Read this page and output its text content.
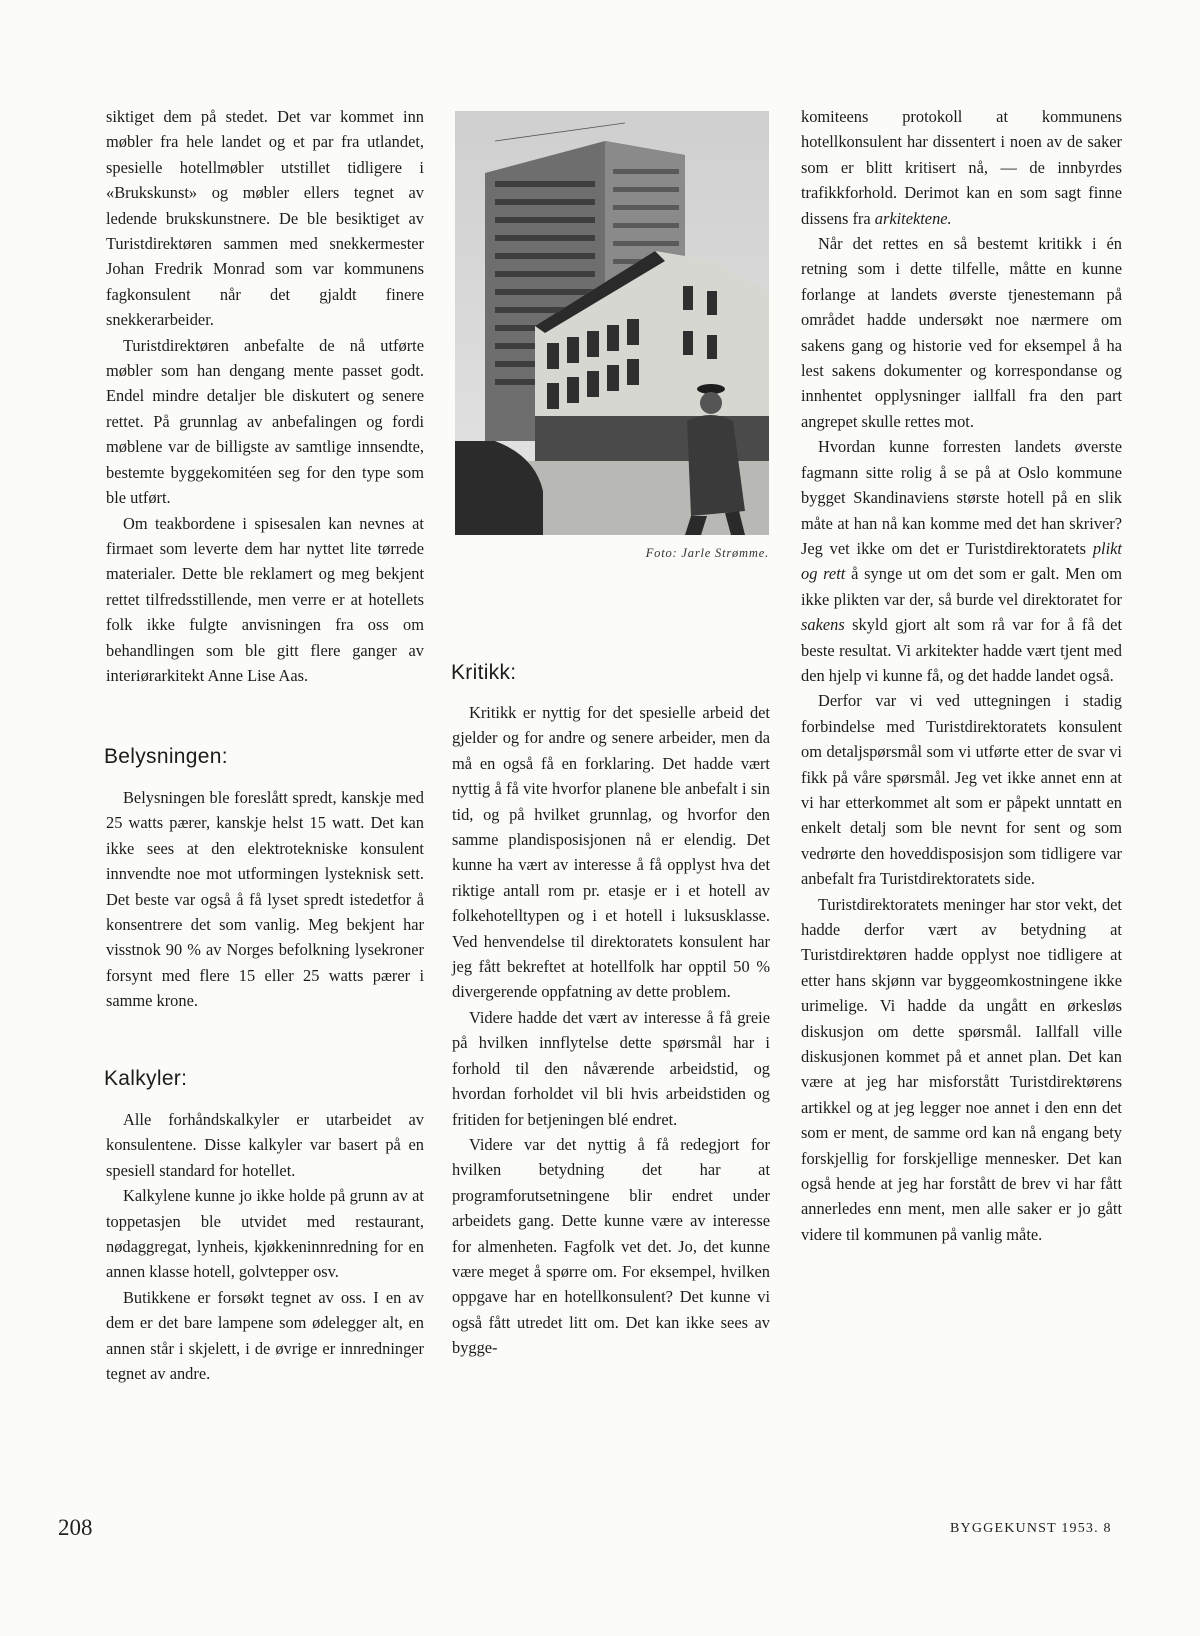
siktiget dem på stedet. Det var kommet inn møbler fra hele landet og et par fra utlandet, spesielle hotellmøbler utstillet tidligere i «Brukskunst» og møbler ellers tegnet av ledende brukskunstnere. De ble besiktiget av Turistdirektøren sammen med snekkermester Johan Fredrik Monrad som var kommunens fagkonsulent når det gjaldt finere snekkerarbeider.

Turistdirektøren anbefalte de nå utførte møbler som han dengang mente passet godt. Endel mindre detaljer ble diskutert og senere rettet. På grunnlag av anbefalingen og fordi møblene var de billigste av samtlige innsendte, bestemte byggekomitéen seg for den type som ble utført.

Om teakbordene i spisesalen kan nevnes at firmaet som leverte dem har nyttet lite tørrede materialer. Dette ble reklamert og meg bekjent rettet tilfredsstillende, men verre er at hotellets folk ikke fulgte anvisningen fra oss om behandlingen som ble gitt flere ganger av interiørarkitekt Anne Lise Aas.

Belysningen:

Belysningen ble foreslått spredt, kanskje med 25 watts pærer, kanskje helst 15 watt. Det kan ikke sees at den elektrotekniske konsulent innvendte noe mot utformingen lysteknisk sett. Det beste var også å få lyset spredt istedetfor å konsentrere det som vanlig. Meg bekjent har visstnok 90 % av Norges befolkning lysekroner forsynt med flere 15 eller 25 watts pærer i samme krone.

Kalkyler:

Alle forhåndskalkyler er utarbeidet av konsulentene. Disse kalkyler var basert på en spesiell standard for hotellet.

Kalkylene kunne jo ikke holde på grunn av at toppetasjen ble utvidet med restaurant, nødaggregat, lynheis, kjøkkeninnredning for en annen klasse hotell, golvtepper osv.

Butikkene er forsøkt tegnet av oss. I en av dem er det bare lampene som ødelegger alt, en annen står i skjelett, i de øvrige er innredninger tegnet av andre.

Foto: Jarle Strømme.
Kritikk:

Kritikk er nyttig for det spesielle arbeid det gjelder og for andre og senere arbeider, men da må en også få en forklaring. Det hadde vært nyttig å få vite hvorfor planene ble anbefalt i sin tid, og på hvilket grunnlag, og hvorfor den samme plandisposisjonen nå er elendig. Det kunne ha vært av interesse å få opplyst hva det riktige antall rom pr. etasje er i et hotell av folkehotelltypen og i et hotell i luksusklasse. Ved henvendelse til direktoratets konsulent har jeg fått bekreftet at hotellfolk har opptil 50 % divergerende oppfatning av dette problem.

Videre hadde det vært av interesse å få greie på hvilken innflytelse dette spørsmål har i forhold til den nåværende arbeidstid, og hvordan forholdet vil bli hvis arbeidstiden og fritiden for betjeningen blé endret.

Videre var det nyttig å få redegjort for hvilken betydning det har at programforutsetningene blir endret under arbeidets gang. Dette kunne være av interesse for almenheten. Fagfolk vet det. Jo, det kunne være meget å spørre om. For eksempel, hvilken oppgave har en hotellkonsulent? Det kunne vi også fått utredet litt om. Det kan ikke sees av bygge-

komiteens protokoll at kommunens hotellkonsulent har dissentert i noen av de saker som er blitt kritisert nå, — de innbyrdes trafikkforhold. Derimot kan en som sagt finne dissens fra arkitektene.

Når det rettes en så bestemt kritikk i én retning som i dette tilfelle, måtte en kunne forlange at landets øverste tjenestemann på området hadde undersøkt noe nærmere om sakens gang og historie ved for eksempel å ha lest sakens dokumenter og korrespondanse og innhentet opplysninger iallfall fra den part angrepet skulle rettes mot.

Hvordan kunne forresten landets øverste fagmann sitte rolig å se på at Oslo kommune bygget Skandinaviens største hotell på en slik måte at han nå kan komme med det han skriver? Jeg vet ikke om det er Turistdirektoratets plikt og rett å synge ut om det som er galt. Men om ikke plikten var der, så burde vel direktoratet for sakens skyld gjort alt som rå var for å få det beste resultat. Vi arkitekter hadde vært tjent med den hjelp vi kunne få, og det hadde landet også.

Derfor var vi ved uttegningen i stadig forbindelse med Turistdirektoratets konsulent om detaljspørsmål som vi utførte etter de svar vi fikk på våre spørsmål. Jeg vet ikke annet enn at vi har etterkommet alt som er påpekt unntatt en enkelt detalj som ble nevnt for sent og som vedrørte den hoveddisposisjon som tidligere var anbefalt fra Turistdirektoratets side.

Turistdirektoratets meninger har stor vekt, det hadde derfor vært av betydning at Turistdirektøren hadde opplyst noe tidligere at etter hans skjønn var byggeomkostningene ikke urimelige. Vi hadde da ungått en ørkesløs diskusjon om dette spørsmål. Iallfall ville diskusjonen kommet på et annet plan. Det kan være at jeg har misforstått Turistdirektørens artikkel og at jeg legger noe annet i den enn det som er ment, de samme ord kan nå engang bety forskjellig for forskjellige mennesker. Det kan også hende at jeg har forstått de brev vi har fått annerledes enn ment, men alle saker er jo gått videre til kommunen på vanlig måte.

208	BYGGEKUNST 1953. 8
